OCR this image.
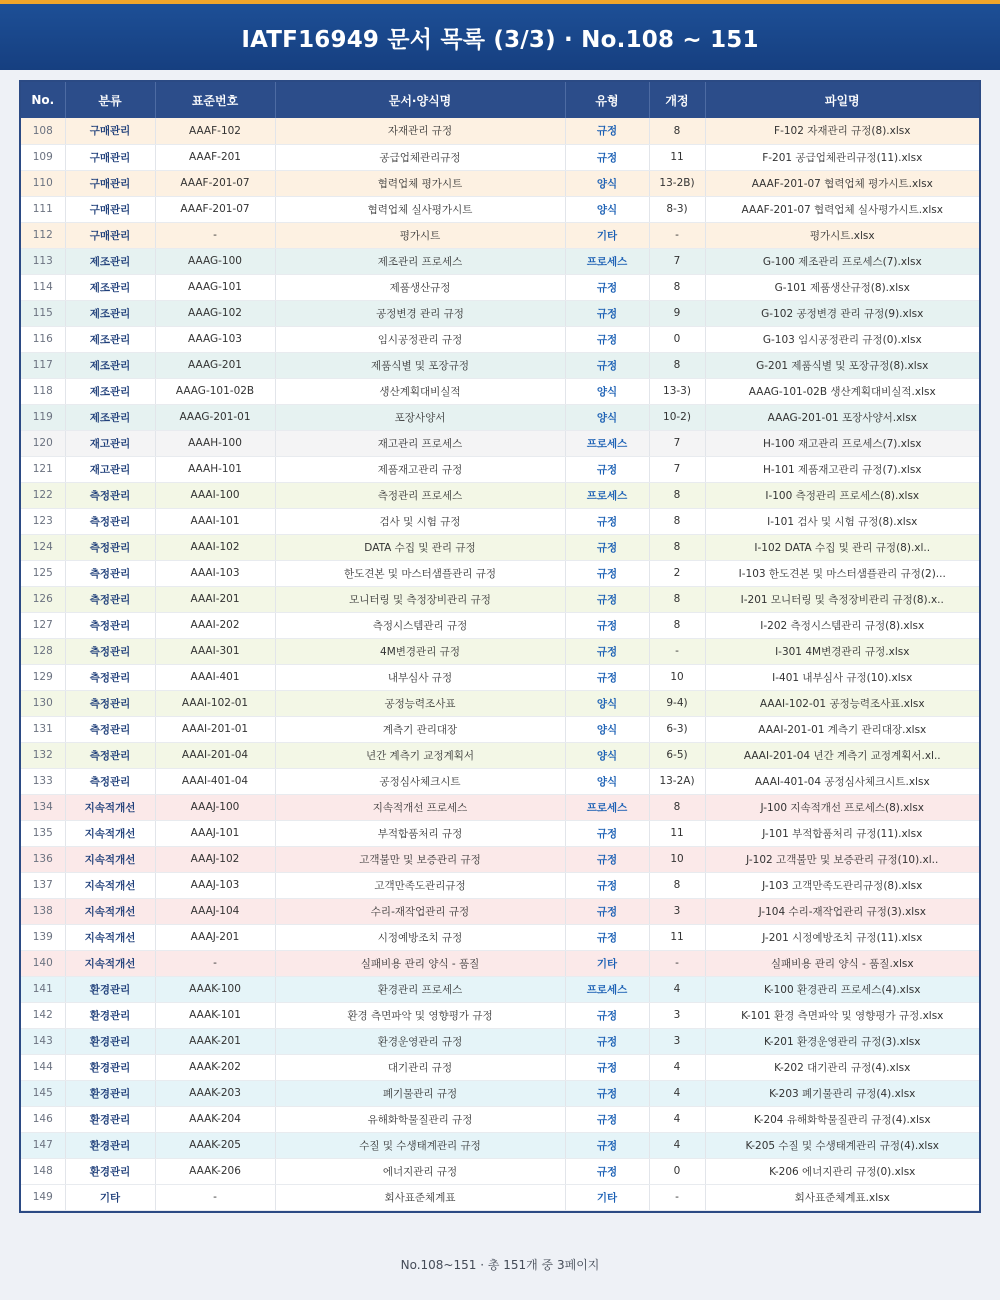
IATF16949 문서 목록 (3/3) · No.108 ~ 151
No.	분류	표준번호	문서·양식명	유형	개정	파일명
108	구매관리	AAAF-102	자재관리 규정	규정	8	F-102 자재관리 규정(8).xlsx
109	구매관리	AAAF-201	공급업체관리규정	규정	11	F-201 공급업체관리규정(11).xlsx
110	구매관리	AAAF-201-07	협력업체 평가시트	양식	13-2B)	AAAF-201-07 협력업체 평가시트.xlsx
111	구매관리	AAAF-201-07	협력업체 실사평가시트	양식	8-3)	AAAF-201-07 협력업체 실사평가시트.xlsx
112	구매관리	-	평가시트	기타	-	평가시트.xlsx
113	제조관리	AAAG-100	제조관리 프로세스	프로세스	7	G-100 제조관리 프로세스(7).xlsx
114	제조관리	AAAG-101	제품생산규정	규정	8	G-101 제품생산규정(8).xlsx
115	제조관리	AAAG-102	공정변경 관리 규정	규정	9	G-102 공정변경 관리 규정(9).xlsx
116	제조관리	AAAG-103	임시공정관리 규정	규정	0	G-103 임시공정관리 규정(0).xlsx
117	제조관리	AAAG-201	제품식별 및 포장규정	규정	8	G-201 제품식별 및 포장규정(8).xlsx
118	제조관리	AAAG-101-02B	생산계획대비실적	양식	13-3)	AAAG-101-02B 생산계획대비실적.xlsx
119	제조관리	AAAG-201-01	포장사양서	양식	10-2)	AAAG-201-01 포장사양서.xlsx
120	재고관리	AAAH-100	재고관리 프로세스	프로세스	7	H-100 재고관리 프로세스(7).xlsx
121	재고관리	AAAH-101	제품재고관리 규정	규정	7	H-101 제품재고관리 규정(7).xlsx
122	측정관리	AAAI-100	측정관리 프로세스	프로세스	8	I-100 측정관리 프로세스(8).xlsx
123	측정관리	AAAI-101	검사 및 시험 규정	규정	8	I-101 검사 및 시험 규정(8).xlsx
124	측정관리	AAAI-102	DATA 수집 및 관리 규정	규정	8	I-102 DATA 수집 및 관리 규정(8).xl..
125	측정관리	AAAI-103	한도견본 및 마스터샘플관리 규정	규정	2	I-103 한도견본 및 마스터샘플관리 규정(2)...
126	측정관리	AAAI-201	모니터링 및 측정장비관리 규정	규정	8	I-201 모니터링 및 측정장비관리 규정(8).x..
127	측정관리	AAAI-202	측정시스템관리 규정	규정	8	I-202 측정시스템관리 규정(8).xlsx
128	측정관리	AAAI-301	4M변경관리 규정	규정	-	I-301 4M변경관리 규정.xlsx
129	측정관리	AAAI-401	내부심사 규정	규정	10	I-401 내부심사 규정(10).xlsx
130	측정관리	AAAI-102-01	공정능력조사표	양식	9-4)	AAAI-102-01 공정능력조사표.xlsx
131	측정관리	AAAI-201-01	계측기 관리대장	양식	6-3)	AAAI-201-01 계측기 관리대장.xlsx
132	측정관리	AAAI-201-04	년간 계측기 교정계획서	양식	6-5)	AAAI-201-04 년간 계측기 교정계획서.xl..
133	측정관리	AAAI-401-04	공정심사체크시트	양식	13-2A)	AAAI-401-04 공정심사체크시트.xlsx
134	지속적개선	AAAJ-100	지속적개선 프로세스	프로세스	8	J-100 지속적개선 프로세스(8).xlsx
135	지속적개선	AAAJ-101	부적합품처리 규정	규정	11	J-101 부적합품처리 규정(11).xlsx
136	지속적개선	AAAJ-102	고객불만 및 보증관리 규정	규정	10	J-102 고객불만 및 보증관리 규정(10).xl..
137	지속적개선	AAAJ-103	고객만족도관리규정	규정	8	J-103 고객만족도관리규정(8).xlsx
138	지속적개선	AAAJ-104	수리-재작업관리 규정	규정	3	J-104 수리-재작업관리 규정(3).xlsx
139	지속적개선	AAAJ-201	시정예방조치 규정	규정	11	J-201 시정예방조치 규정(11).xlsx
140	지속적개선	-	실패비용 관리 양식 - 품질	기타	-	실패비용 관리 양식 - 품질.xlsx
141	환경관리	AAAK-100	환경관리 프로세스	프로세스	4	K-100 환경관리 프로세스(4).xlsx
142	환경관리	AAAK-101	환경 측면파악 및 영향평가 규정	규정	3	K-101 환경 측면파악 및 영향평가 규정.xlsx
143	환경관리	AAAK-201	환경운영관리 규정	규정	3	K-201 환경운영관리 규정(3).xlsx
144	환경관리	AAAK-202	대기관리 규정	규정	4	K-202 대기관리 규정(4).xlsx
145	환경관리	AAAK-203	폐기물관리 규정	규정	4	K-203 폐기물관리 규정(4).xlsx
146	환경관리	AAAK-204	유해화학물질관리 규정	규정	4	K-204 유해화학물질관리 규정(4).xlsx
147	환경관리	AAAK-205	수질 및 수생태계관리 규정	규정	4	K-205 수질 및 수생태계관리 규정(4).xlsx
148	환경관리	AAAK-206	에너지관리 규정	규정	0	K-206 에너지관리 규정(0).xlsx
149	기타	-	회사표준체계표	기타	-	회사표준체계표.xlsx
No.108~151 · 총 151개 중 3페이지
